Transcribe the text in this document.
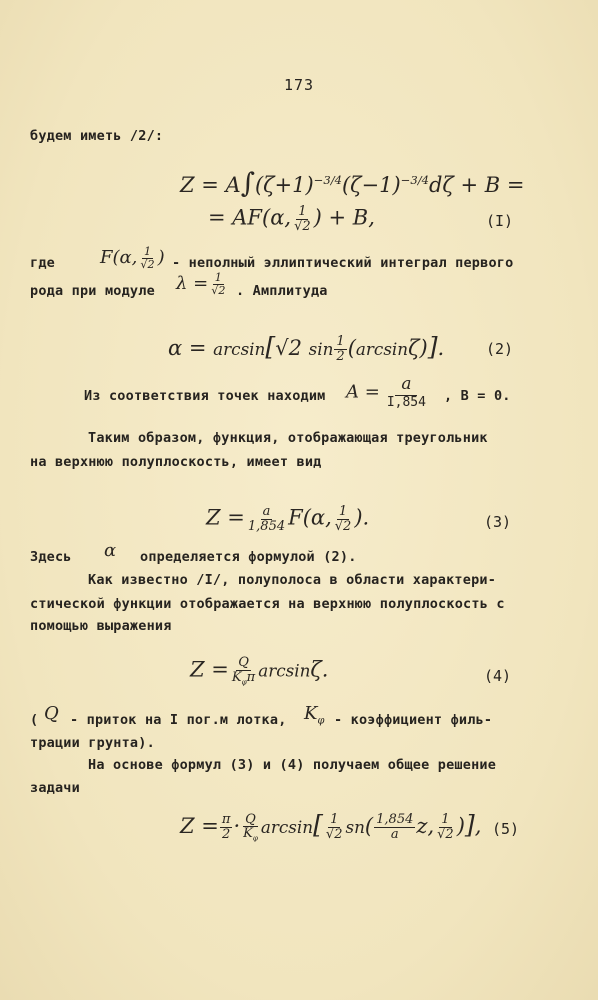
173
будем иметь /2/:
$Z = A\int(\zeta+1)^{-3/4}(\zeta-1)^{-3/4}d\zeta + B$ =
= AF(α, $\frac{1}{√2}$ ) + B,	(I)
где	F(α, $\frac{1}{√2}$ ) - неполный эллиптический интеграл первого
рода при модуле $\lambda = \frac{1}{√2}$ . Амплитуда
α = arcsin[√2 $\sin \frac{1}{2} (\arcsin\zeta)$].	(2)
Из соответствия точек находим $A = \frac{a}{I,854}$ , В = 0.
Таким образом, функция, отображающая треугольник
на верхнюю полуплоскость, имеет вид
$Z = \frac{a}{1,854} F(\alpha$, $\frac{1}{√2}$ ).	(3)
Здесь α определяется формулой (2).
Как известно /I/, полуполоса в области характери-
стической функции отображается на верхнюю полуплоскость с
помощью выражения
$Z = \frac{Q}{K_\varphi\pi} \arcsin\zeta$.	(4)
( Q - приток на I пог.м лотка, $K_\varphi$ - коэффициент филь-
трации грунта).
На основе формул (3) и (4) получаем общее решение
задачи
$Z = \frac{\pi}{2} \cdot \frac{Q}{K_\varphi} \arcsin[ \frac{1}{√2} sn( \frac{1,854}{a} z$, $\frac{1}{√2}$ )], (5)
